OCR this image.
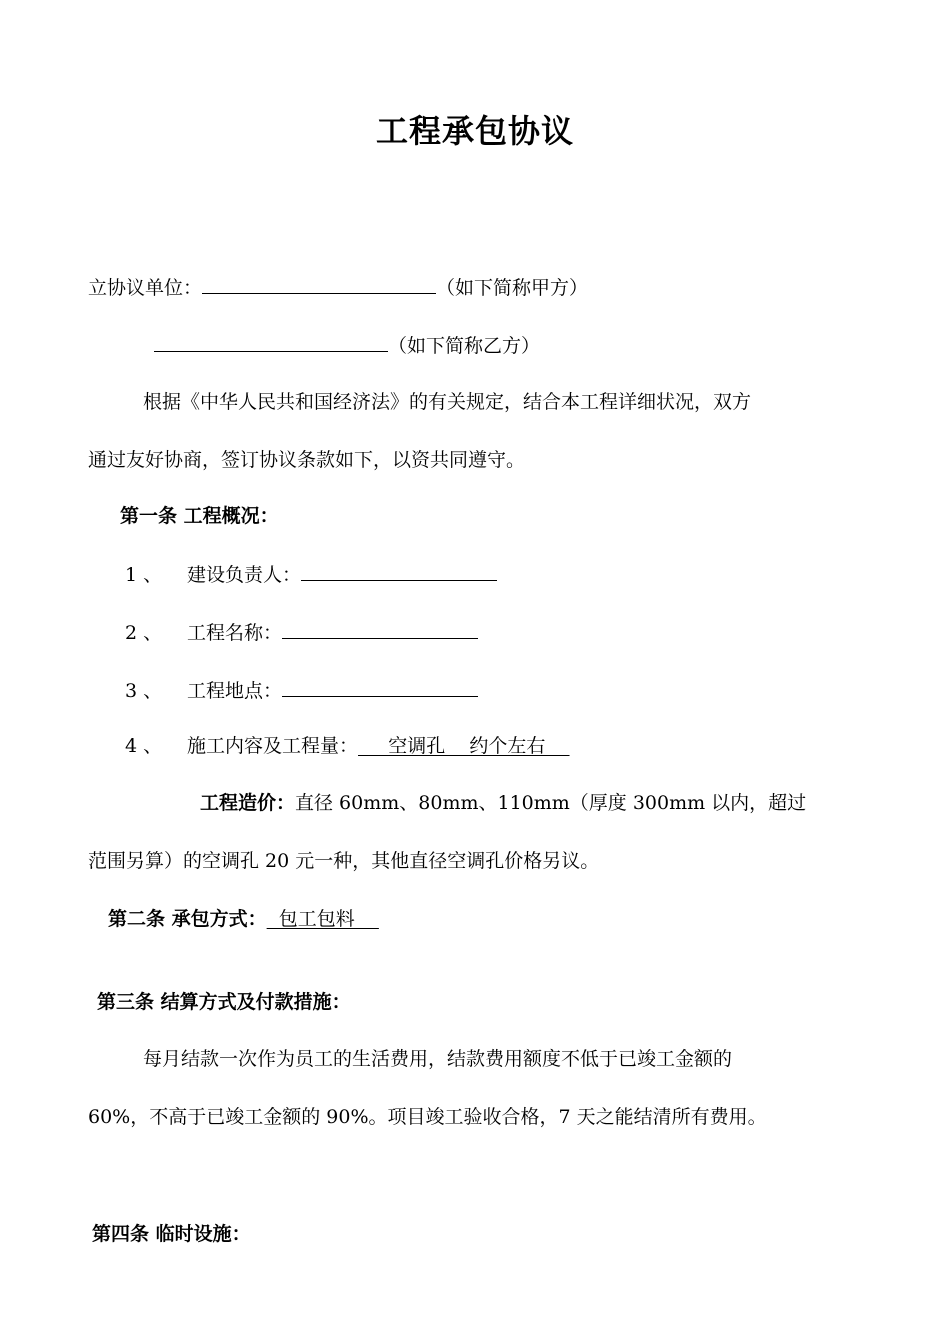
工程承包协议
立协议单位：	（如下简称甲方）
（如下简称乙方）
根据《中华人民共和国经济法》的有关规定，结合本工程详细状况，双方
通过友好协商，签订协议条款如下，以资共同遵守。
第一条 工程概况：
1 、 建设负责人：
2 、 工程名称：
3 、 工程地点：
4 、 施工内容及工程量：     空调孔    约个左右
工程造价：直径 60mm、80mm、110mm（厚度 300mm 以内，超过
范围另算）的空调孔 20 元一种，其他直径空调孔价格另议。
第二条 承包方式：  包工包料
第三条 结算方式及付款措施：
每月结款一次作为员工的生活费用，结款费用额度不低于已竣工金额的
60%，不高于已竣工金额的 90%。项目竣工验收合格，7 天之能结清所有费用。
第四条 临时设施：
